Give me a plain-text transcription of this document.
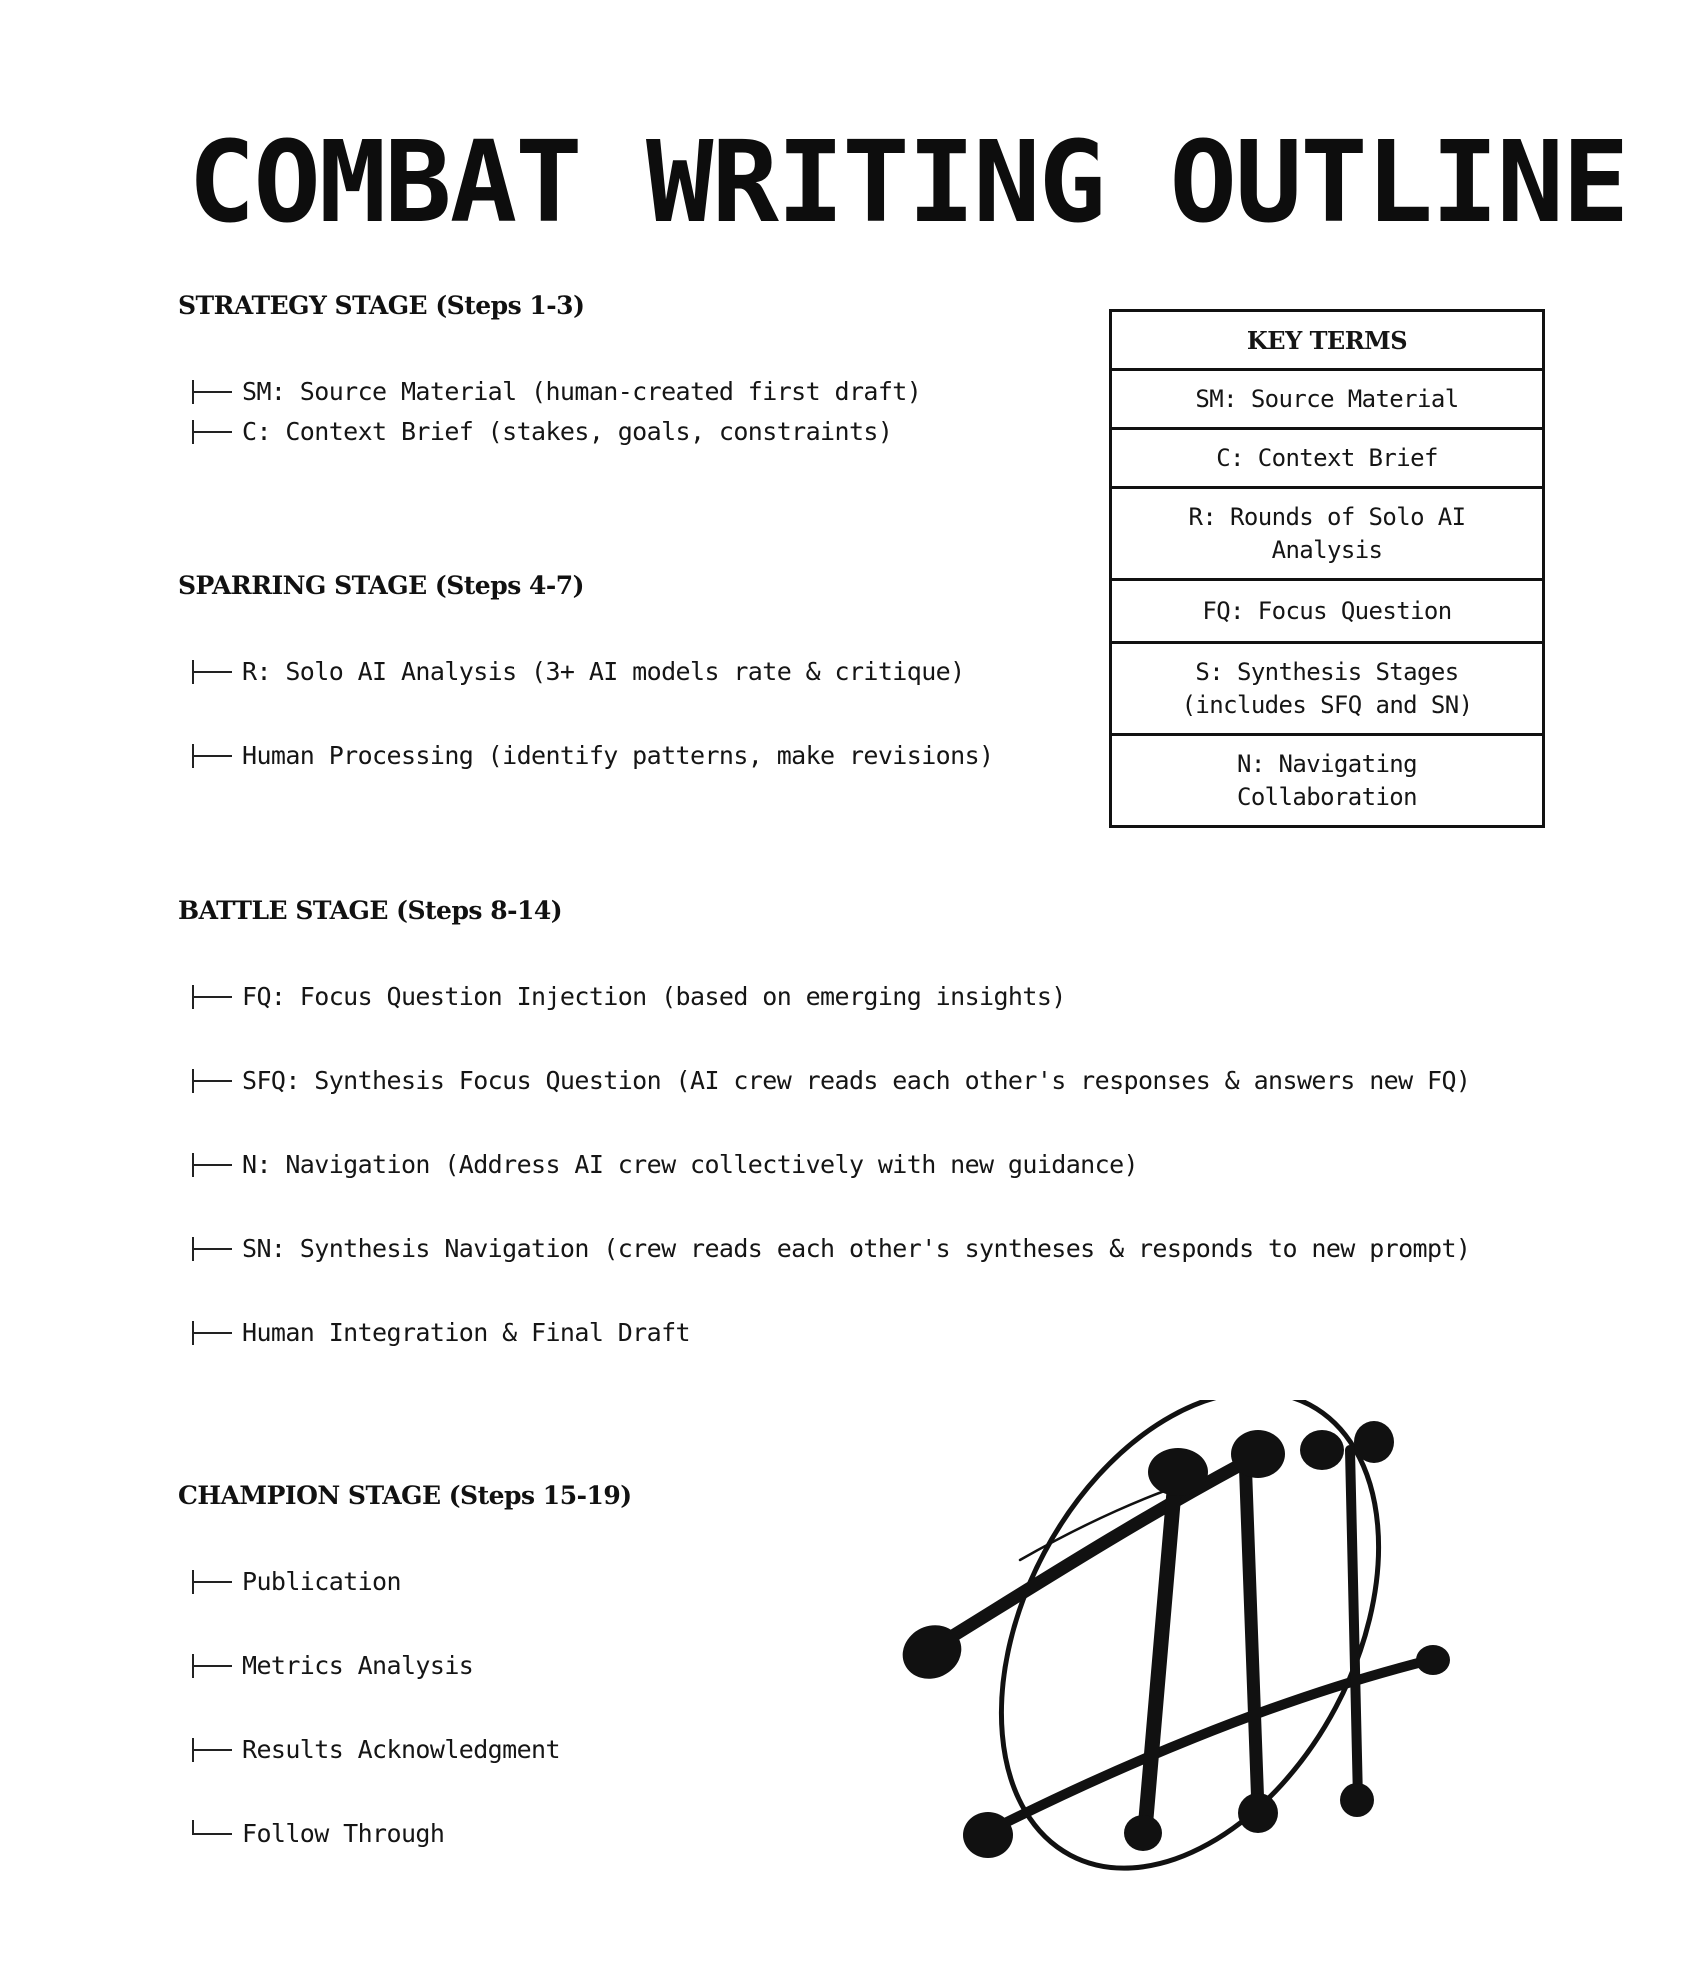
COMBAT WRITING OUTLINE
STRATEGY STAGE (Steps 1-3)
SM: Source Material (human-created first draft)
C: Context Brief (stakes, goals, constraints)
SPARRING STAGE (Steps 4-7)
R: Solo AI Analysis (3+ AI models rate & critique)
Human Processing (identify patterns, make revisions)
BATTLE STAGE (Steps 8-14)
FQ: Focus Question Injection (based on emerging insights)
SFQ: Synthesis Focus Question (AI crew reads each other's responses & answers new FQ)
N: Navigation (Address AI crew collectively with new guidance)
SN: Synthesis Navigation (crew reads each other's syntheses & responds to new prompt)
Human Integration & Final Draft
CHAMPION STAGE (Steps 15-19)
Publication
Metrics Analysis
Results Acknowledgment
Follow Through
KEY TERMS
SM: Source Material
C: Context Brief
R: Rounds of Solo AI
Analysis
FQ: Focus Question
S: Synthesis Stages
(includes SFQ and SN)
N: Navigating
Collaboration
